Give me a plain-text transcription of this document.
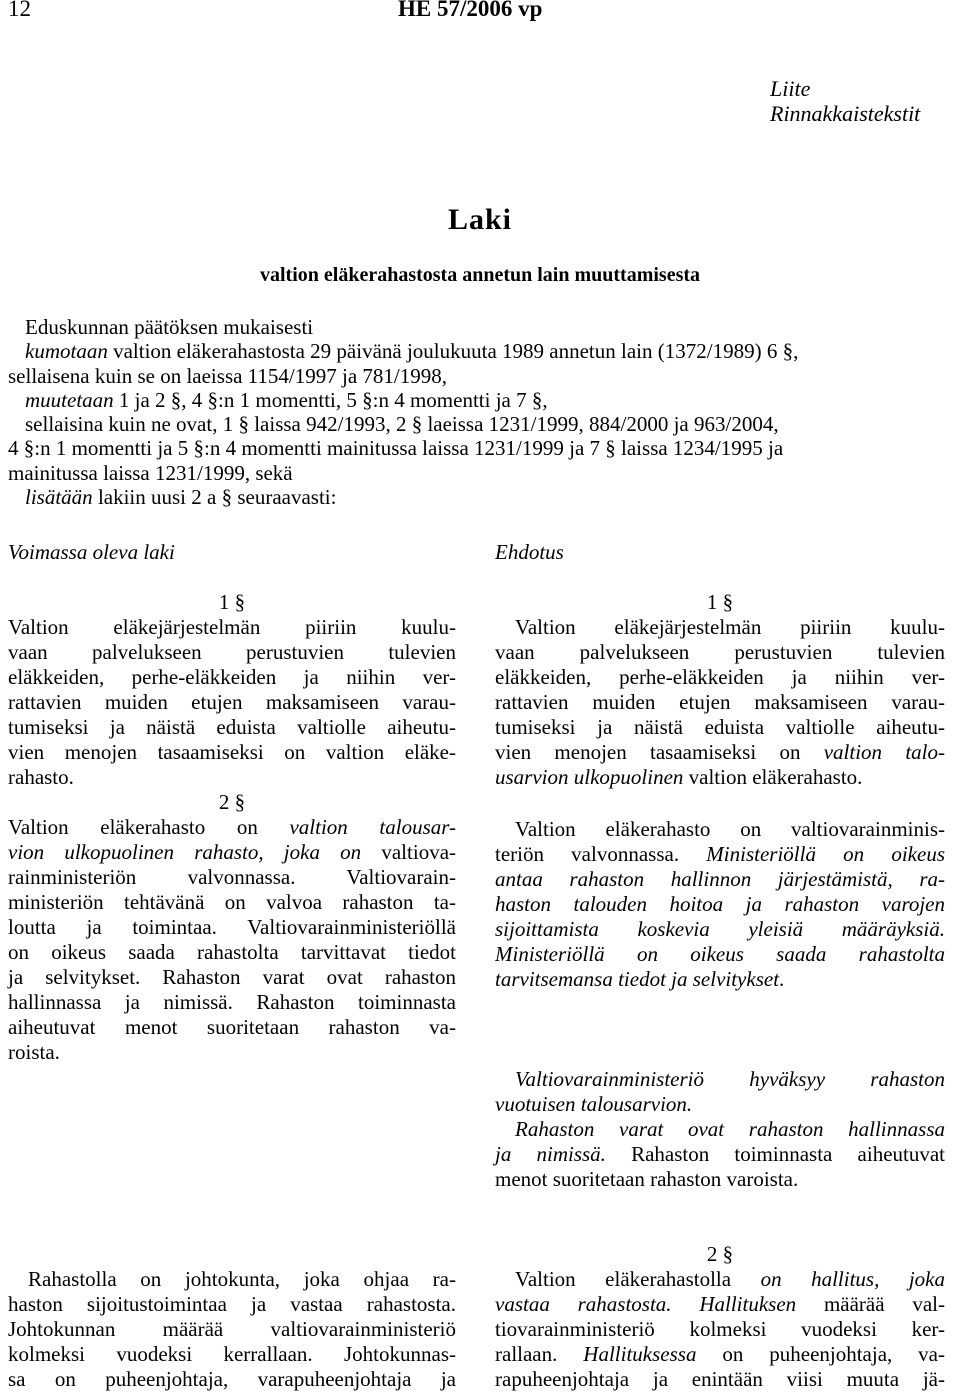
12	HE 57/2006 vp
Liite
Rinnakkaistekstit
Laki
valtion eläkerahastosta annetun lain muuttamisesta
Eduskunnan päätöksen mukaisesti
kumotaan valtion eläkerahastosta 29 päivänä joulukuuta 1989 annetun lain (1372/1989) 6 §,
sellaisena kuin se on laeissa 1154/1997 ja 781/1998,
muutetaan 1 ja 2 §, 4 §:n 1 momentti, 5 §:n 4 momentti ja 7 §,
sellaisina kuin ne ovat, 1 § laissa 942/1993, 2 § laeissa 1231/1999, 884/2000 ja 963/2004,
4 §:n 1 momentti ja 5 §:n 4 momentti mainitussa laissa 1231/1999 ja 7 § laissa 1234/1995 ja
mainitussa laissa 1231/1999, sekä
lisätään lakiin uusi 2 a § seuraavasti:
Voimassa oleva laki	Ehdotus
1 §
Valtion eläkejärjestelmän piiriin kuulu-
vaan palvelukseen perustuvien tulevien
eläkkeiden, perhe-eläkkeiden ja niihin ver-
rattavien muiden etujen maksamiseen varau-
tumiseksi ja näistä eduista valtiolle aiheutu-
vien menojen tasaamiseksi on valtion eläke-
rahasto.
2 §
Valtion eläkerahasto on valtion talousar-
vion ulkopuolinen rahasto, joka on valtiova-
rainministeriön valvonnassa. Valtiovarain-
ministeriön tehtävänä on valvoa rahaston ta-
loutta ja toimintaa. Valtiovarainministeriöllä
on oikeus saada rahastolta tarvittavat tiedot
ja selvitykset. Rahaston varat ovat rahaston
hallinnassa ja nimissä. Rahaston toiminnasta
aiheutuvat menot suoritetaan rahaston va-
roista.
Rahastolla on johtokunta, joka ohjaa ra-
haston sijoitustoimintaa ja vastaa rahastosta.
Johtokunnan määrää valtiovarainministeriö
kolmeksi vuodeksi kerrallaan. Johtokunnas-
sa on puheenjohtaja, varapuheenjohtaja ja
1 §
Valtion eläkejärjestelmän piiriin kuulu-
vaan palvelukseen perustuvien tulevien
eläkkeiden, perhe-eläkkeiden ja niihin ver-
rattavien muiden etujen maksamiseen varau-
tumiseksi ja näistä eduista valtiolle aiheutu-
vien menojen tasaamiseksi on valtion talo-
usarvion ulkopuolinen valtion eläkerahasto.
Valtion eläkerahasto on valtiovarainminis-
teriön valvonnassa. Ministeriöllä on oikeus
antaa rahaston hallinnon järjestämistä, ra-
haston talouden hoitoa ja rahaston varojen
sijoittamista koskevia yleisiä määräyksiä.
Ministeriöllä on oikeus saada rahastolta
tarvitsemansa tiedot ja selvitykset.
Valtiovarainministeriö hyväksyy rahaston
vuotuisen talousarvion.
Rahaston varat ovat rahaston hallinnassa
ja nimissä. Rahaston toiminnasta aiheutuvat
menot suoritetaan rahaston varoista.
2 §
Valtion eläkerahastolla on hallitus, joka
vastaa rahastosta. Hallituksen määrää val-
tiovarainministeriö kolmeksi vuodeksi ker-
rallaan. Hallituksessa on puheenjohtaja, va-
rapuheenjohtaja ja enintään viisi muuta jä-
